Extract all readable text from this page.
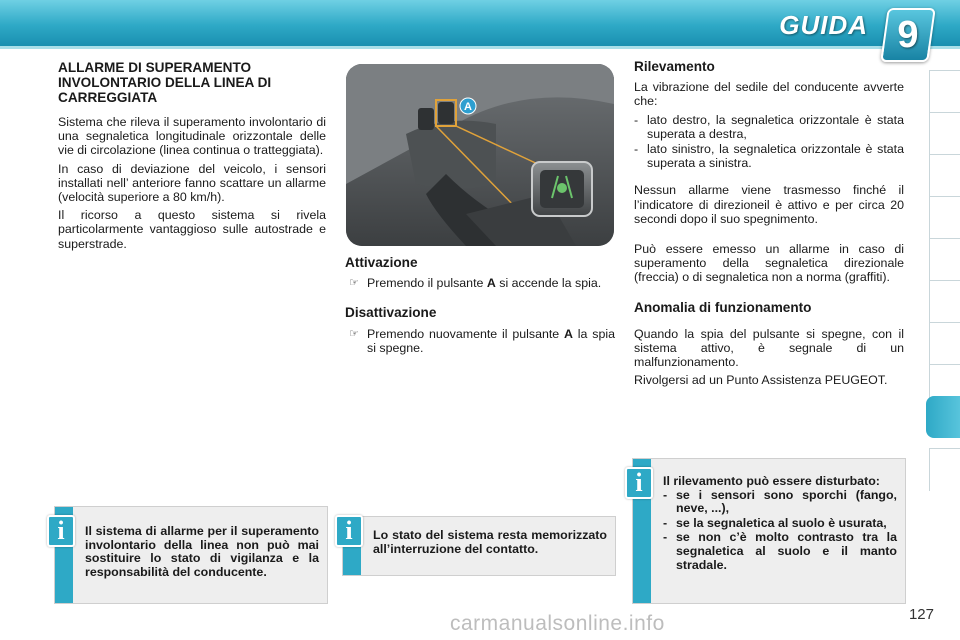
GUIDA 9
ALLARME DI SUPERAMENTO INVOLONTARIO DELLA LINEA DI CARREGGIATA

Sistema che rileva il superamento involontario di una segnaletica longitudinale orizzontale delle vie di circolazione (linea continua o tratteggiata).

In caso di deviazione del veicolo, i sensori installati nell’ anteriore fanno scattare un allarme (velocità superiore a 80 km/h).

Il ricorso a questo sistema si rivela particolarmente vantaggioso sulle autostrade e superstrade.

A
Attivazione
☞ Premendo il pulsante A si accende la spia.
Disattivazione
☞ Premendo nuovamente il pulsante A la spia si spegne.
Rilevamento

La vibrazione del sedile del conducente avverte che:

- lato destro, la segnaletica orizzontale è stata superata a destra,
- lato sinistro, la segnaletica orizzontale è stata superata a sinistra.

Nessun allarme viene trasmesso finché il l’indicatore di direzioneil è attivo e per circa 20 secondi dopo il suo spegnimento.

Può essere emesso un allarme in caso di superamento della segnaletica direzionale (freccia) o di segnaletica non a norma (graffiti).

Anomalia di funzionamento

Quando la spia del pulsante si spegne, con il sistema attivo, è segnale di un malfunzionamento.

Rivolgersi ad un Punto Assistenza PEUGEOT.

i	Il sistema di allarme per il superamento involontario della linea non può mai sostituire lo stato di vigilanza e la responsabilità del conducente.
i	Lo stato del sistema resta memorizzato all’interruzione del contatto.
i	Il rilevamento può essere disturbato:
- se i sensori sono sporchi (fango, neve, ...),
- se la segnaletica al suolo è usurata,
- se non c’è molto contrasto tra la segnaletica al suolo e il manto stradale.
127
carmanualsonline.info
